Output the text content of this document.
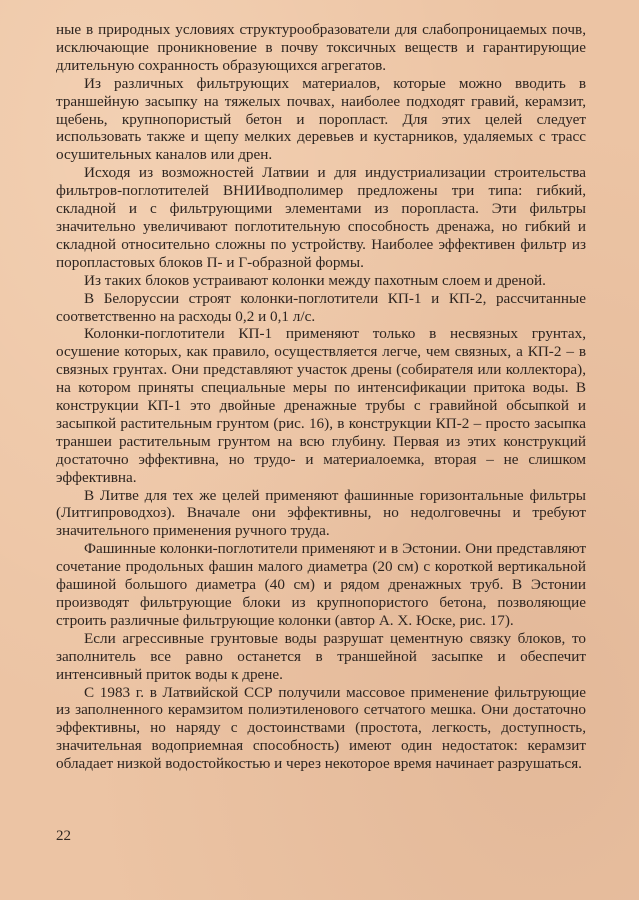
ные в природных условиях структурообразователи для слабопроницаемых почв, исключающие проникновение в почву токсичных веществ и гарантирующие длительную сохранность образующихся агрегатов.

Из различных фильтрующих материалов, которые можно вводить в траншейную засыпку на тяжелых почвах, наиболее подходят гравий, керамзит, щебень, крупнопористый бетон и поропласт. Для этих целей следует использовать также и щепу мелких деревьев и кустарников, удаляемых с трасс осушительных каналов или дрен.

Исходя из возможностей Латвии и для индустриализации строительства фильтров-поглотителей ВНИИводполимер предложены три типа: гибкий, складной и с фильтрующими элементами из поропласта. Эти фильтры значительно увеличивают поглотительную способность дренажа, но гибкий и складной относительно сложны по устройству. Наиболее эффективен фильтр из поропластовых блоков П- и Г-образной формы.

Из таких блоков устраивают колонки между пахотным слоем и дреной.

В Белоруссии строят колонки-поглотители КП-1 и КП-2, рассчитанные соответственно на расходы 0,2 и 0,1 л/с.

Колонки-поглотители КП-1 применяют только в несвязных грунтах, осушение которых, как правило, осуществляется легче, чем связных, а КП-2 – в связных грунтах. Они представляют участок дрены (собирателя или коллектора), на котором приняты специальные меры по интенсификации притока воды. В конструкции КП-1 это двойные дренажные трубы с гравийной обсыпкой и засыпкой растительным грунтом (рис. 16), в конструкции КП-2 – просто засыпка траншеи растительным грунтом на всю глубину. Первая из этих конструкций достаточно эффективна, но трудо- и материалоемка, вторая – не слишком эффективна.

В Литве для тех же целей применяют фашинные горизонтальные фильтры (Литгипроводхоз). Вначале они эффективны, но недолговечны и требуют значительного применения ручного труда.

Фашинные колонки-поглотители применяют и в Эстонии. Они представляют сочетание продольных фашин малого диаметра (20 см) с короткой вертикальной фашиной большого диаметра (40 см) и рядом дренажных труб. В Эстонии производят фильтрующие блоки из крупнопористого бетона, позволяющие строить различные фильтрующие колонки (автор А. Х. Юске, рис. 17).

Если агрессивные грунтовые воды разрушат цементную связку блоков, то заполнитель все равно останется в траншейной засыпке и обеспечит интенсивный приток воды к дрене.

С 1983 г. в Латвийской ССР получили массовое применение фильтрующие из заполненного керамзитом полиэтиленового сетчатого мешка. Они достаточно эффективны, но наряду с достоинствами (простота, легкость, доступность, значительная водоприемная способность) имеют один недостаток: керамзит обладает низкой водостойкостью и через некоторое время начинает разрушаться.

22
